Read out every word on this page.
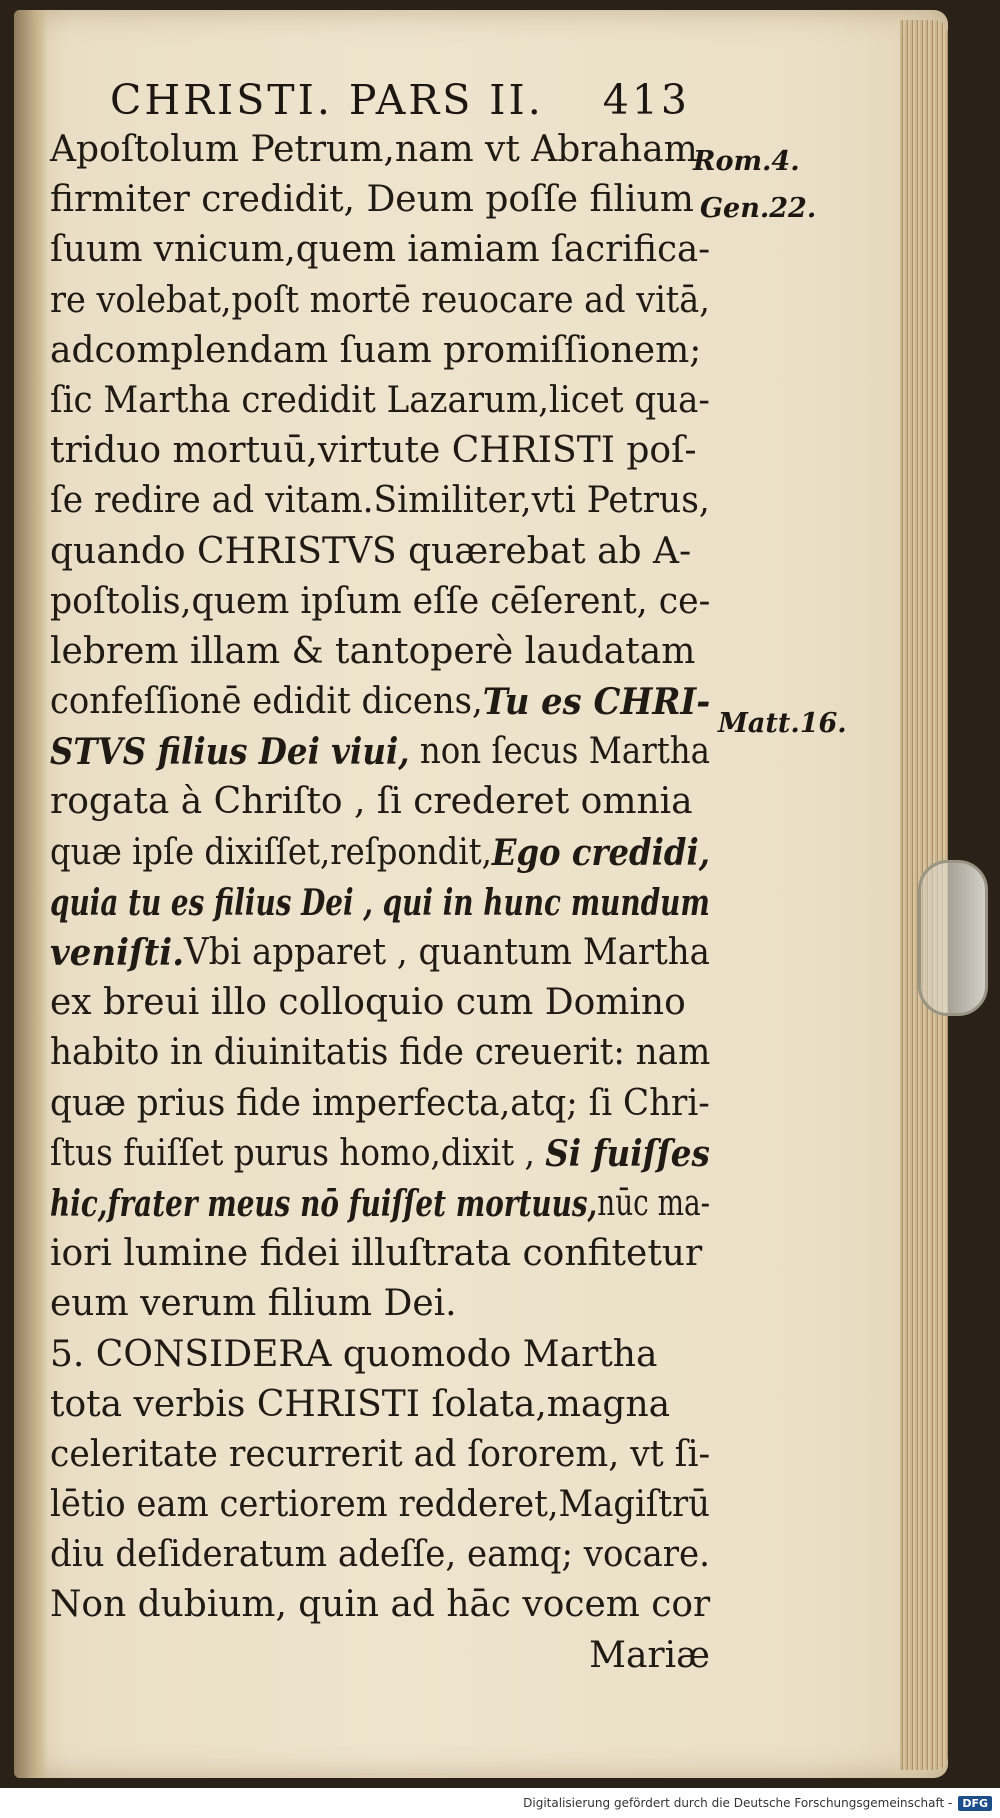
CHRISTI. PARS II. 413
Rom.4.
Gen.22.
Matt.16.
Apoſtolum Petrum,nam vt Abraham
firmiter credidit, Deum poſſe filium
ſuum vnicum,quem iamiam ſacrifica-
re volebat,poſt mortē reuocare ad vitā,
adcomplendam ſuam promiſſionem;
ſic Martha credidit Lazarum,licet qua-
triduo mortuū,virtute CHRISTI poſ-
ſe redire ad vitam.Similiter,vti Petrus,
quando CHRISTVS quærebat ab A-
poſtolis,quem ipſum eſſe cēſerent, ce-
lebrem illam & tantoperè laudatam
confeſſionē edidit dicens, Tu es CHRI-
STVS filius Dei viui, non ſecus Martha
rogata à Chriſto , ſi crederet omnia
quæ ipſe dixiſſet,reſpondit, Ego credidi,
quia tu es filius Dei , qui in hunc mundum
veniſti. Vbi apparet , quantum Martha
ex breui illo colloquio cum Domino
habito in diuinitatis fide creuerit: nam
quæ prius fide imperfecta,atq; ſi Chri-
ſtus fuiſſet purus homo,dixit , Si fuiſſes
hic,frater meus nō fuiſſet mortuus, nūc ma-
iori lumine fidei illuſtrata confitetur
eum verum filium Dei.
5. CONSIDERA quomodo Martha
tota verbis CHRISTI ſolata,magna
celeritate recurrerit ad ſororem, vt ſi-
lētio eam certiorem redderet,Magiſtrū
diu deſideratum adeſſe, eamq; vocare.
Non dubium, quin ad hāc vocem cor
Mariæ
Digitalisierung gefördert durch die Deutsche Forschungsgemeinschaft - DFG
